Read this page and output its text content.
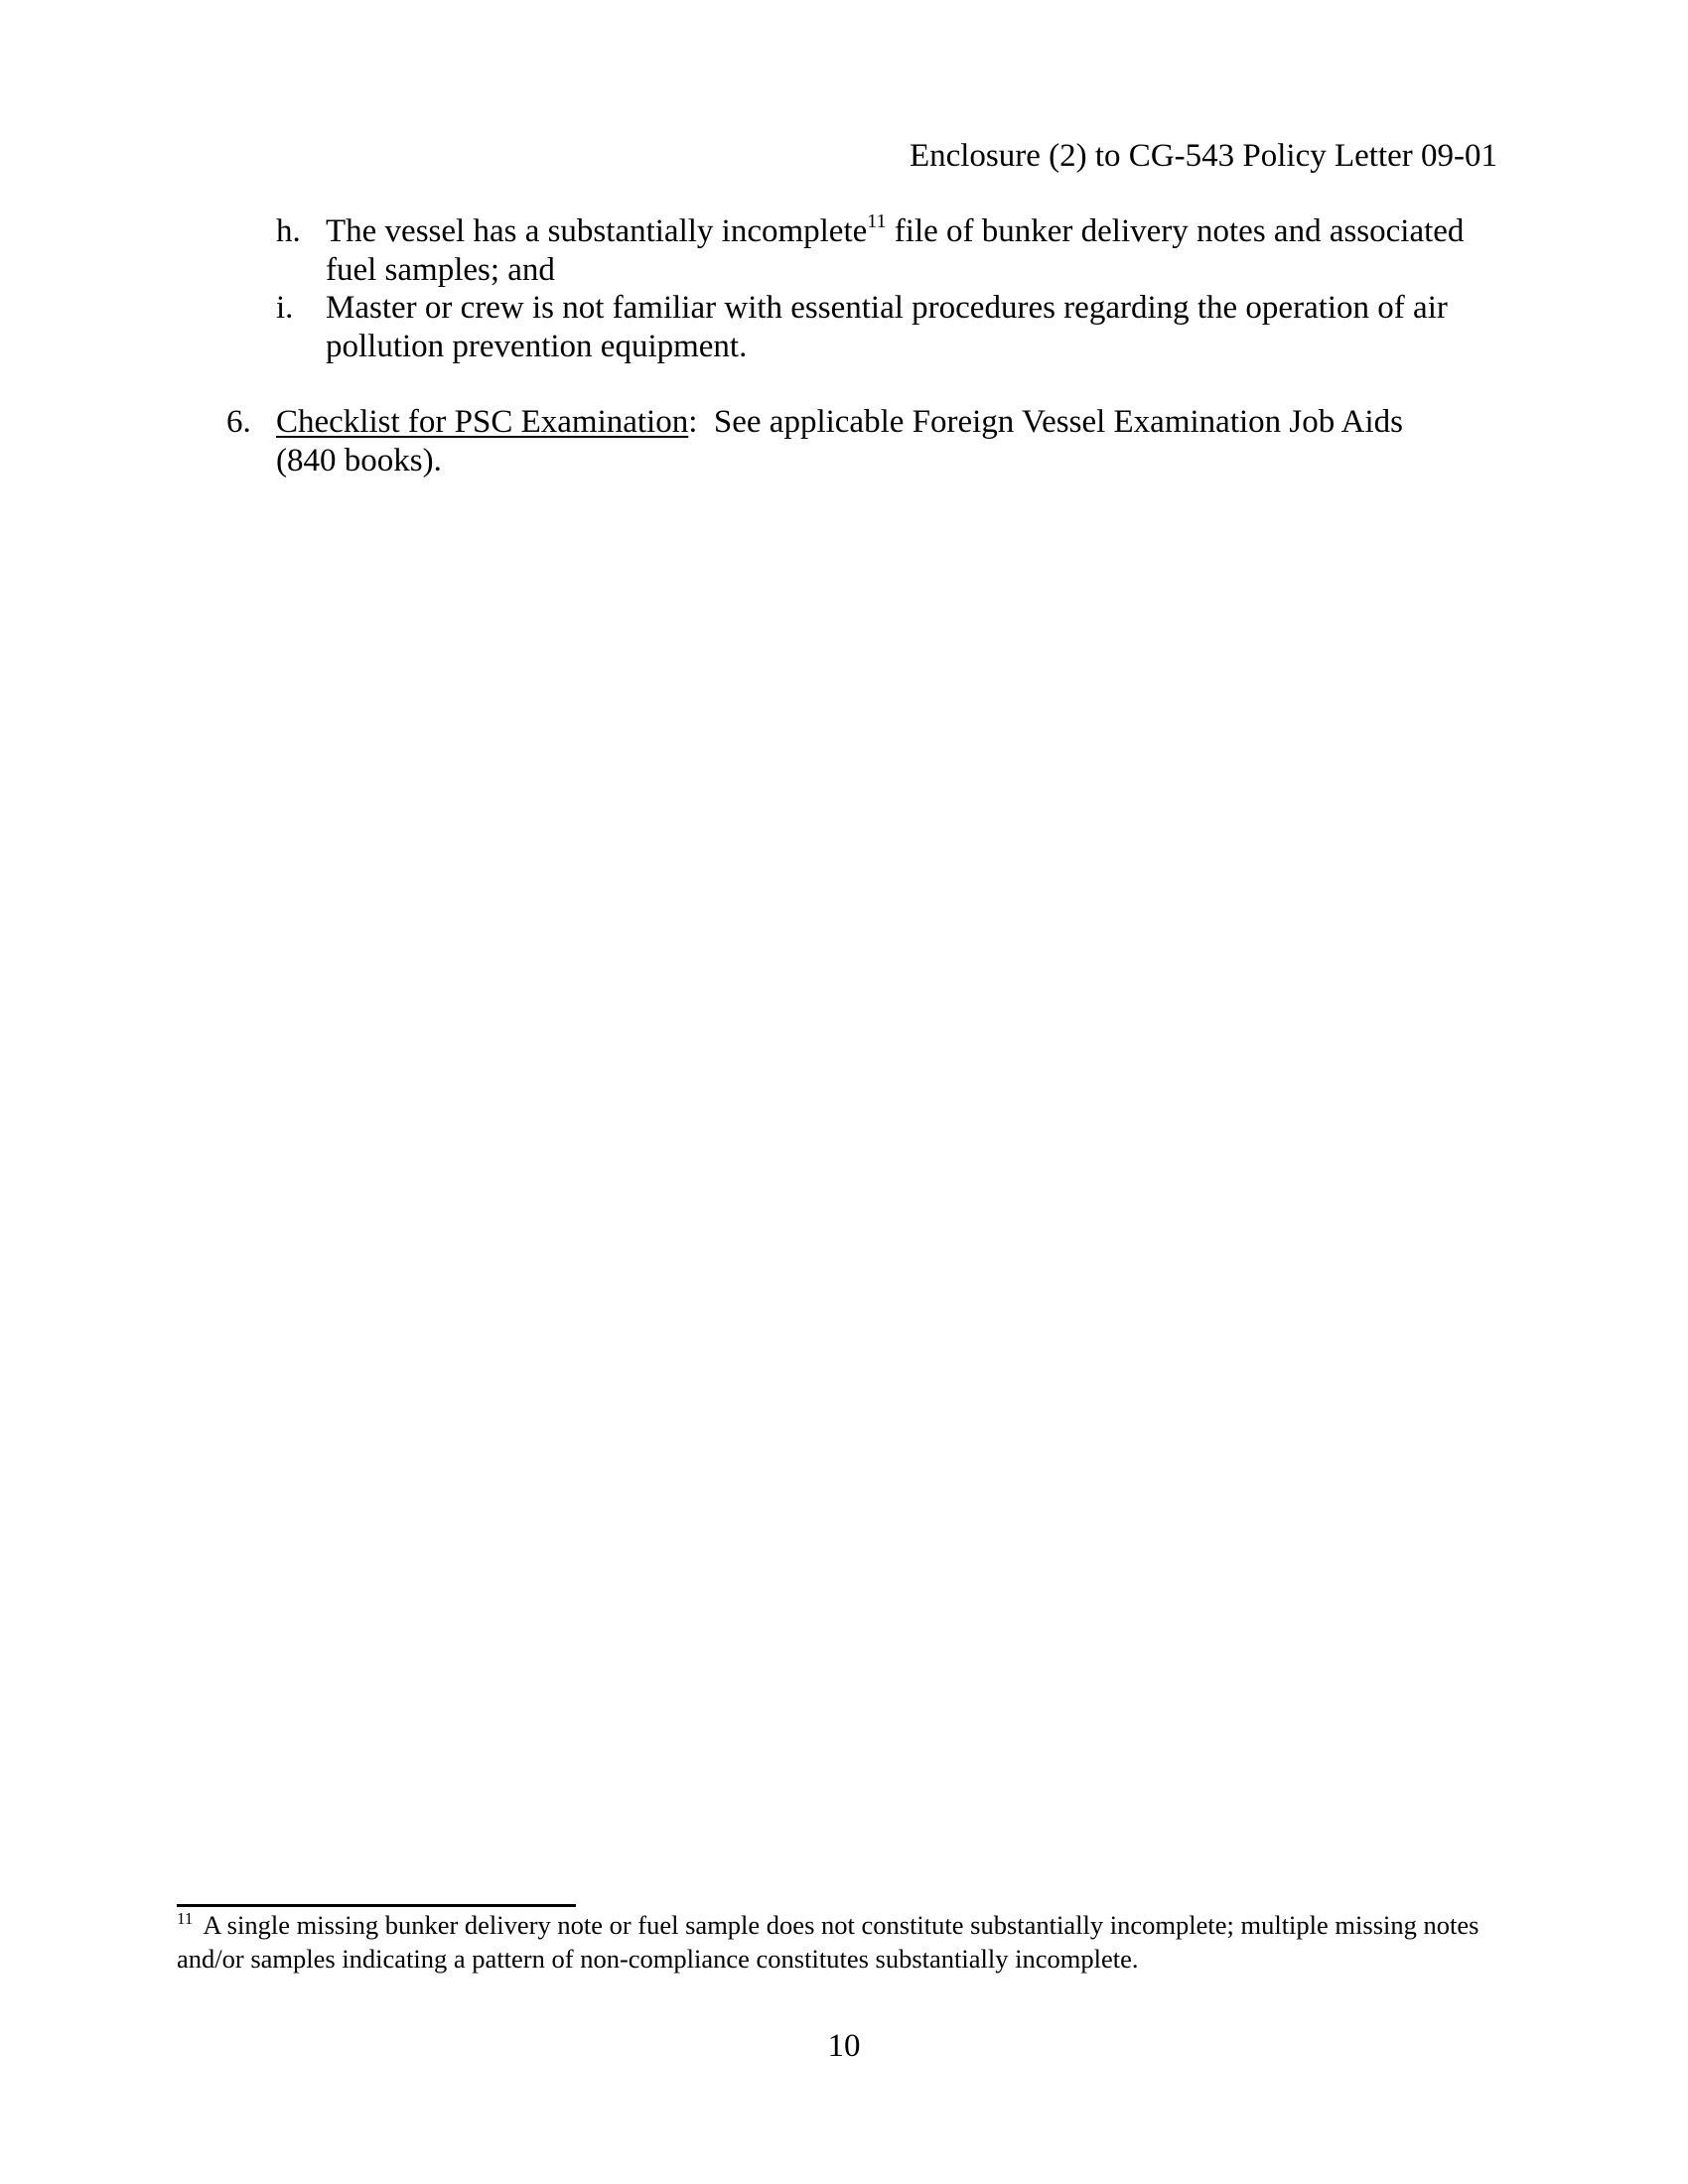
Enclosure (2) to CG-543 Policy Letter 09-01
h. The vessel has a substantially incomplete$^{11}$ file of bunker delivery notes and associated fuel samples; and
i. Master or crew is not familiar with essential procedures regarding the operation of air pollution prevention equipment.
6. Checklist for PSC Examination:  See applicable Foreign Vessel Examination Job Aids (840 books).
$^{11}$ A single missing bunker delivery note or fuel sample does not constitute substantially incomplete; multiple missing notes and/or samples indicating a pattern of non-compliance constitutes substantially incomplete.
10
